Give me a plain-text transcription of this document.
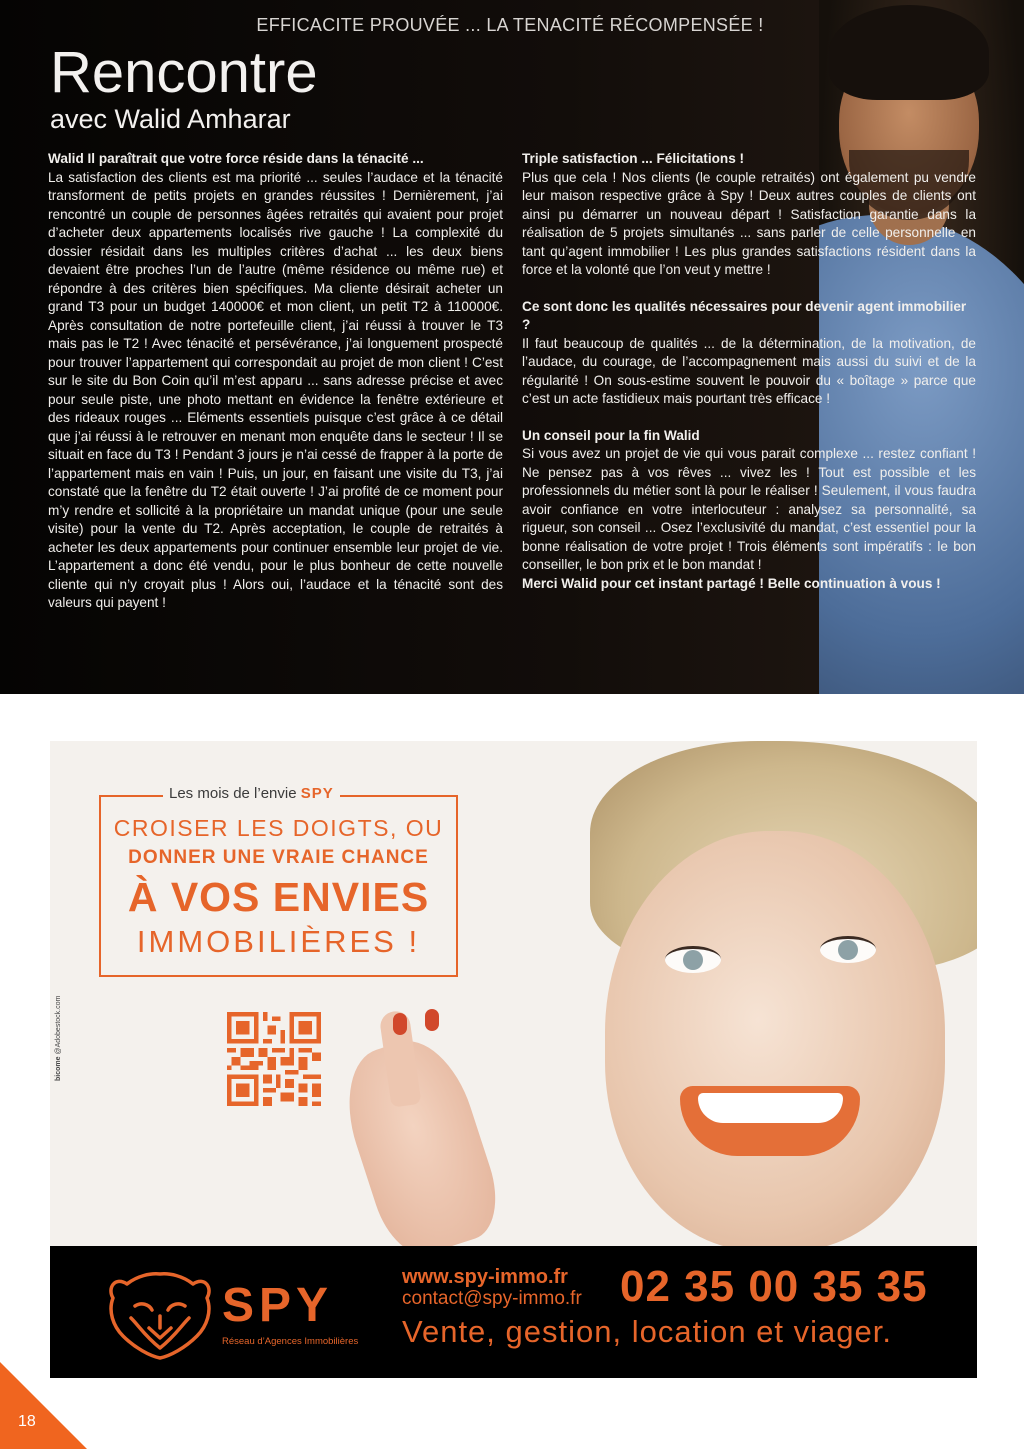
EFFICACITE PROUVÉE ... LA TENACITÉ RÉCOMPENSÉE !
Rencontre
avec Walid Amharar

Walid Il paraîtrait que votre force réside dans la ténacité ...

La satisfaction des clients est ma priorité ... seules l’audace et la ténacité transforment de petits projets en grandes réussites ! Dernièrement, j’ai rencontré un couple de personnes âgées retraités qui avaient pour projet d’acheter deux appartements localisés rive gauche ! La complexité du dossier résidait dans les multiples critères d’achat ... les deux biens devaient être proches l’un de l’autre (même résidence ou même rue) et répondre à des critères bien spécifiques. Ma cliente désirait acheter un grand T3 pour un budget 140000€ et mon client, un petit T2 à 110000€. Après consultation de notre portefeuille client, j’ai réussi à trouver le T3 mais pas le T2 ! Avec ténacité et persévérance, j’ai longuement prospecté pour trouver l’appartement qui correspondait au projet de mon client ! C’est sur le site du Bon Coin qu’il m’est apparu ... sans adresse précise et avec pour seule piste, une photo mettant en évidence la fenêtre extérieure et des rideaux rouges ... Eléments essentiels puisque c’est grâce à ce détail que j’ai réussi à le retrouver en menant mon enquête dans le secteur ! Il se situait en face du T3 ! Pendant 3 jours je n’ai cessé de frapper à la porte de l’appartement mais en vain ! Puis, un jour, en faisant une visite du T3, j’ai constaté que la fenêtre du T2 était ouverte ! J’ai profité de ce moment pour m’y rendre et sollicité à la propriétaire un mandat unique (pour une seule visite) pour la vente du T2. Après acceptation, le couple de retraités à acheter les deux appartements pour continuer ensemble leur projet de vie. L’appartement a donc été vendu, pour le plus bonheur de cette nouvelle cliente qui n’y croyait plus ! Alors oui, l’audace et la ténacité sont des valeurs qui payent !

Triple satisfaction ... Félicitations !

Plus que cela ! Nos clients (le couple retraités) ont également pu vendre leur maison respective grâce à Spy ! Deux autres couples de clients ont ainsi pu démarrer un nouveau départ ! Satisfaction garantie dans la réalisation de 5 projets simultanés ... sans parler de celle personnelle en tant qu’agent immobilier ! Les plus grandes satisfactions résident dans la force et la volonté que l’on veut y mettre !

Ce sont donc les qualités nécessaires pour devenir agent immobilier ?

Il faut beaucoup de qualités ... de la détermination, de la motivation, de l’audace, du courage, de l’accompagnement mais aussi du suivi et de la régularité ! On sous-estime souvent le pouvoir du « boîtage » parce que c’est un acte fastidieux mais pourtant très efficace !

Un conseil pour la fin Walid

Si vous avez un projet de vie qui vous parait complexe ... restez confiant ! Ne pensez pas à vos rêves ... vivez les ! Tout est possible et les professionnels du métier sont là pour le réaliser ! Seulement, il vous faudra avoir confiance en votre interlocuteur : analysez sa personnalité, sa rigueur, son conseil ... Osez l’exclusivité du mandat, c’est essentiel pour la bonne réalisation de votre projet ! Trois éléments sont impératifs : le bon conseiller, le bon prix et le bon mandat !

Merci Walid pour cet instant partagé ! Belle continuation à vous !

Les mois de l’envie SPY
CROISER LES DOIGTS, OU
DONNER UNE VRAIE CHANCE
À VOS ENVIES
IMMOBILIÈRES !
bicome @Adobestock.com
SPY
Réseau d’Agences Immobilières
www.spy-immo.fr
contact@spy-immo.fr 02 35 00 35 35
Vente, gestion, location et viager.
18
